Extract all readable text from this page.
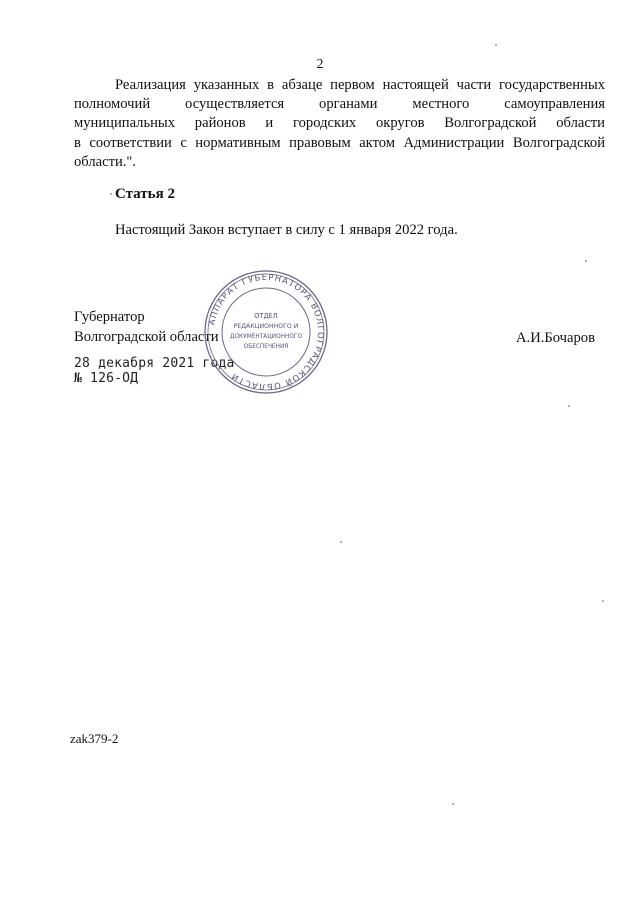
2
Реализация указанных в абзаце первом настоящей части государственных
полномочий осуществляется органами местного самоуправления
муниципальных районов и городских округов Волгоградской области
в соответствии с нормативным правовым актом Администрации Волгоградской
области.".
Статья 2
Настоящий Закон вступает в силу с 1 января 2022 года.
Губернатор
Волгоградской области	А.И.Бочаров
28 декабря 2021 года
№ 126-ОД
АППАРАТ ГУБЕРНАТОРА ВОЛГОГРАДСКОЙ ОБЛАСТИ
ОТДЕЛ
РЕДАКЦИОННОГО И
ДОКУМЕНТАЦИОННОГО
ОБЕСПЕЧЕНИЯ
zak379-2
